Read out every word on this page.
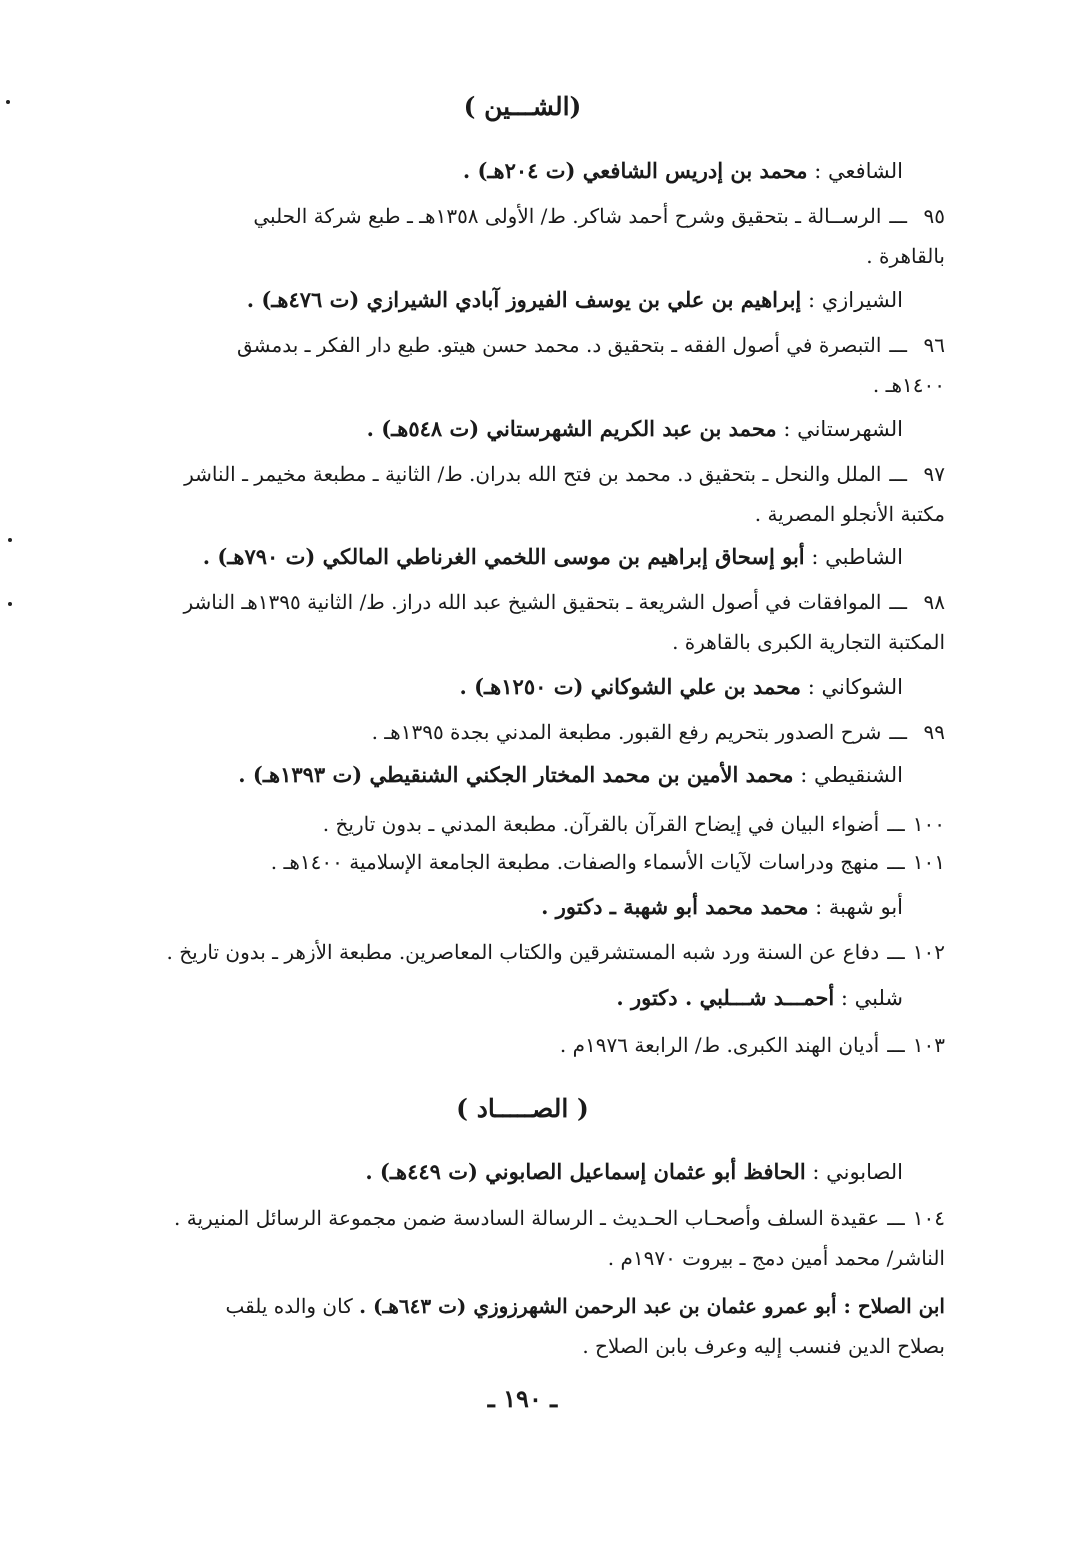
(الشـــين )
الشافعي : محمد بن إدريس الشافعي (ت ٢٠٤هـ) .
٩٥ـــالرســالة ـ بتحقيق وشرح أحمد شاكر. ط/ الأولى ١٣٥٨هـ ـ طبع شركة الحلبي
بالقاهرة .
الشيرازي : إبراهيم بن علي بن يوسف الفيروز آبادي الشيرازي (ت ٤٧٦هـ) .
٩٦ـــالتبصرة في أصول الفقه ـ بتحقيق د. محمد حسن هيتو. طبع دار الفكر ـ بدمشق
١٤٠٠هـ .
الشهرستاني : محمد بن عبد الكريم الشهرستاني (ت ٥٤٨هـ) .
٩٧ـــالملل والنحل ـ بتحقيق د. محمد بن فتح الله بدران. ط/ الثانية ـ مطبعة مخيمر ـ الناشر
مكتبة الأنجلو المصرية .
الشاطبي : أبو إسحاق إبراهيم بن موسى اللخمي الغرناطي المالكي (ت ٧٩٠هـ) .
٩٨ـــالموافقات في أصول الشريعة ـ بتحقيق الشيخ عبد الله دراز. ط/ الثانية ١٣٩٥هـ الناشر
المكتبة التجارية الكبرى بالقاهرة .
الشوكاني : محمد بن علي الشوكاني (ت ١٢٥٠هـ) .
٩٩ـــشرح الصدور بتحريم رفع القبور. مطبعة المدني بجدة ١٣٩٥هـ .
الشنقيطي : محمد الأمين بن محمد المختار الجكني الشنقيطي (ت ١٣٩٣هـ) .
١٠٠ـــأضواء البيان في إيضاح القرآن بالقرآن. مطبعة المدني ـ بدون تاريخ .
١٠١ـــمنهج ودراسات لآيات الأسماء والصفات. مطبعة الجامعة الإسلامية ١٤٠٠هـ .
أبو شهبة : محمد محمد أبو شهبة ـ دكتور .
١٠٢ـــدفاع عن السنة ورد شبه المستشرقين والكتاب المعاصرين. مطبعة الأزهر ـ بدون تاريخ .
شلبي : أحمـــد شـــلبي . دكتور .
١٠٣ـــأديان الهند الكبرى. ط/ الرابعة ١٩٧٦م .
( الصـــــاد )
الصابوني : الحافظ أبو عثمان إسماعيل الصابوني (ت ٤٤٩هـ) .
١٠٤ـــعقيدة السلف وأصحـاب الحـديث ـ الرسالة السادسة ضمن مجموعة الرسائل المنيرية .
الناشر/ محمد أمين دمج ـ بيروت ١٩٧٠م .
ابن الصلاح : أبو عمرو عثمان بن عبد الرحمن الشهرزوزي (ت ٦٤٣هـ) . كان والده يلقب
بصلاح الدين فنسب إليه وعرف بابن الصلاح .
ـ ١٩٠ ـ
